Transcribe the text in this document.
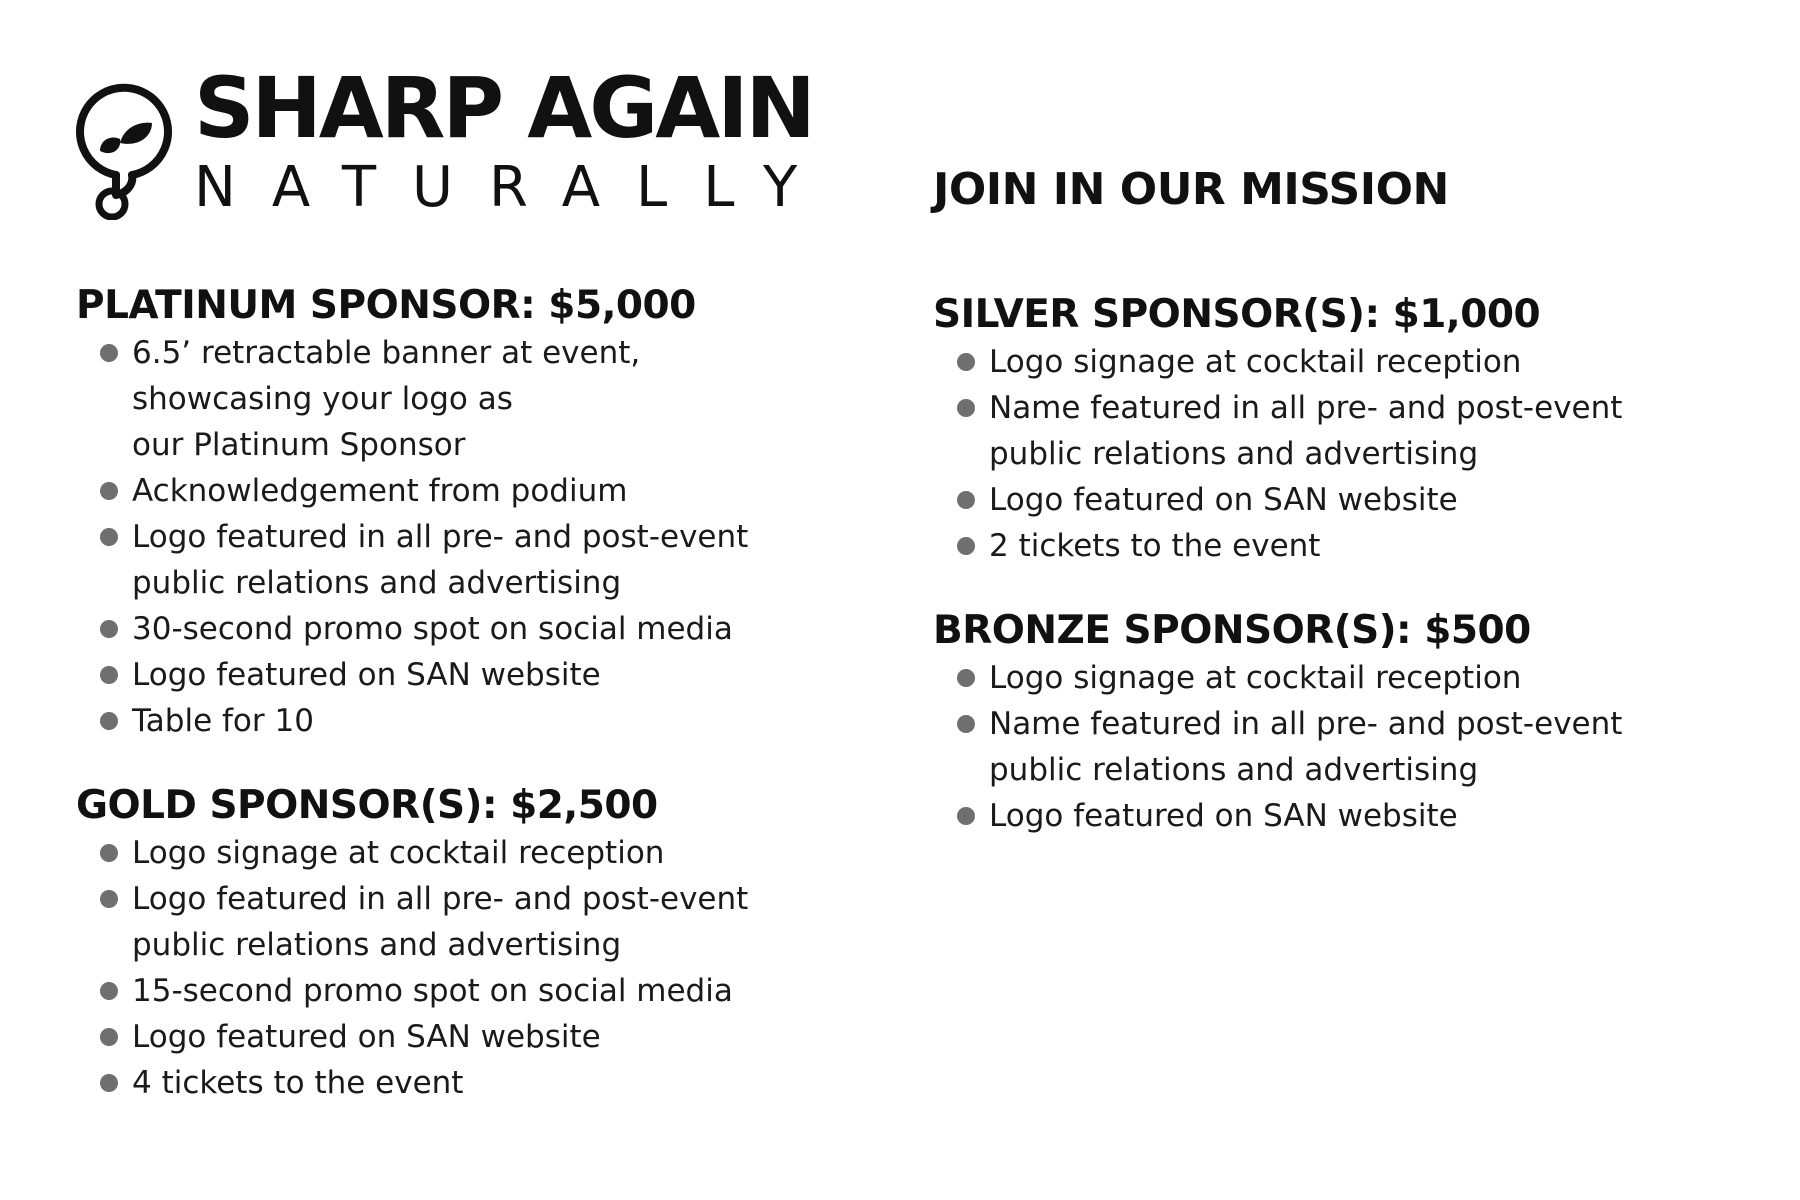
SHARP AGAIN
NATURALLY JOIN IN OUR MISSION
PLATINUM SPONSOR: $5,000
6.5’ retractable banner at event,
showcasing your logo as
our Platinum Sponsor
Acknowledgement from podium
Logo featured in all pre- and post-event
public relations and advertising
30-second promo spot on social media
Logo featured on SAN website
Table for 10
GOLD SPONSOR(S): $2,500
Logo signage at cocktail reception
Logo featured in all pre- and post-event
public relations and advertising
15-second promo spot on social media
Logo featured on SAN website
4 tickets to the event
SILVER SPONSOR(S): $1,000
Logo signage at cocktail reception
Name featured in all pre- and post-event
public relations and advertising
Logo featured on SAN website
2 tickets to the event
BRONZE SPONSOR(S): $500
Logo signage at cocktail reception
Name featured in all pre- and post-event
public relations and advertising
Logo featured on SAN website
